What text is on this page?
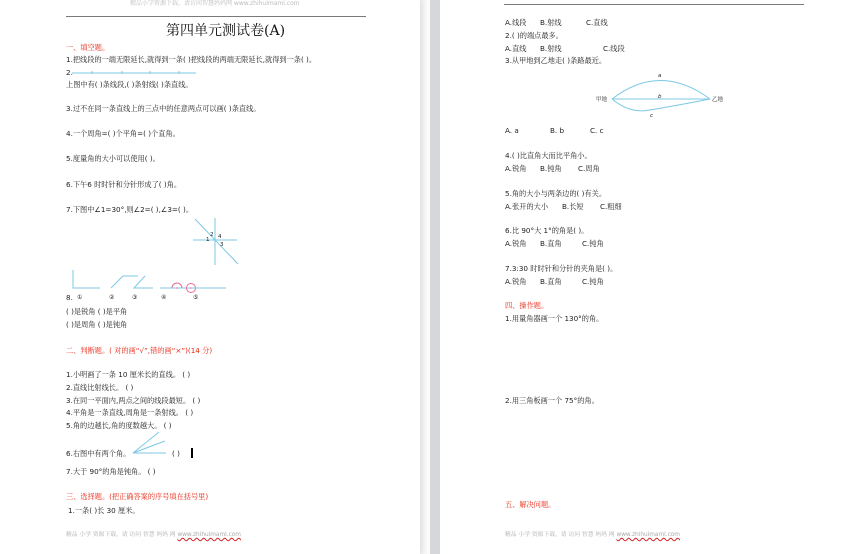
精品小学资源下载，请访问智慧妈妈网 www.zhihuimami.com
第四单元测试卷(A)
一、填空题。
1.把线段的一端无限延长,就得到一条( )把线段的两端无限延长,就得到一条( )。
2.
上图中有( )条线段,( )条射线( )条直线。
3.过不在同一条直线上的三点中的任意两点可以画( )条直线。
4.一个周角=( )个平角=( )个直角。
5.度量角的大小可以使用( )。
6.下午6 时时针和分针形成了( )角。
7.下图中∠1=30°,则∠2=( ),∠3=( )。
1
2
3
4
8. ①	②	③	④	⑤
( )是锐角 ( )是平角
( )是周角 ( )是钝角
二、判断题。( 对的画“√”,错的画“×”)(14 分)
1.小明画了一条 10 厘米长的直线。 ( )
2.直线比射线长。 ( )
3.在同一平面内,两点之间的线段最短。 ( )
4.平角是一条直线,周角是一条射线。 ( )
5.角的边越长,角的度数越大。 ( )
6.右图中有两个角。	( )
7.大于 90°的角是钝角。 ( )
三、选择题。(把正确答案的序号填在括号里)
1.一条( )长 30 厘米。
精品 小学 资源下载，请 访问 智慧 妈妈 网 www.zhihuimami.com
A.线段 B.射线	C.直线
2.( )的端点最多。
A.直线 B.射线	C.线段
3.从甲地到乙地走( )条路最近。
甲地	乙地
a
b
c
A. a	B. b	C. c
4.( )比直角大而比平角小。
A.锐角 B.钝角 C.周角
5.角的大小与两条边的( )有关。
A.张开的大小 B.长短 C.粗细
6.比 90°大 1°的角是( )。
A.锐角 B.直角	C.钝角
7.3:30 时时针和分针的夹角是( )。
A.锐角 B.直角	C.钝角
四、操作题。
1.用量角器画一个 130°的角。
2.用三角板画一个 75°的角。
五、解决问题。
精品 小学 资源下载，请 访问 智慧 妈妈 网 www.zhihuimami.com
